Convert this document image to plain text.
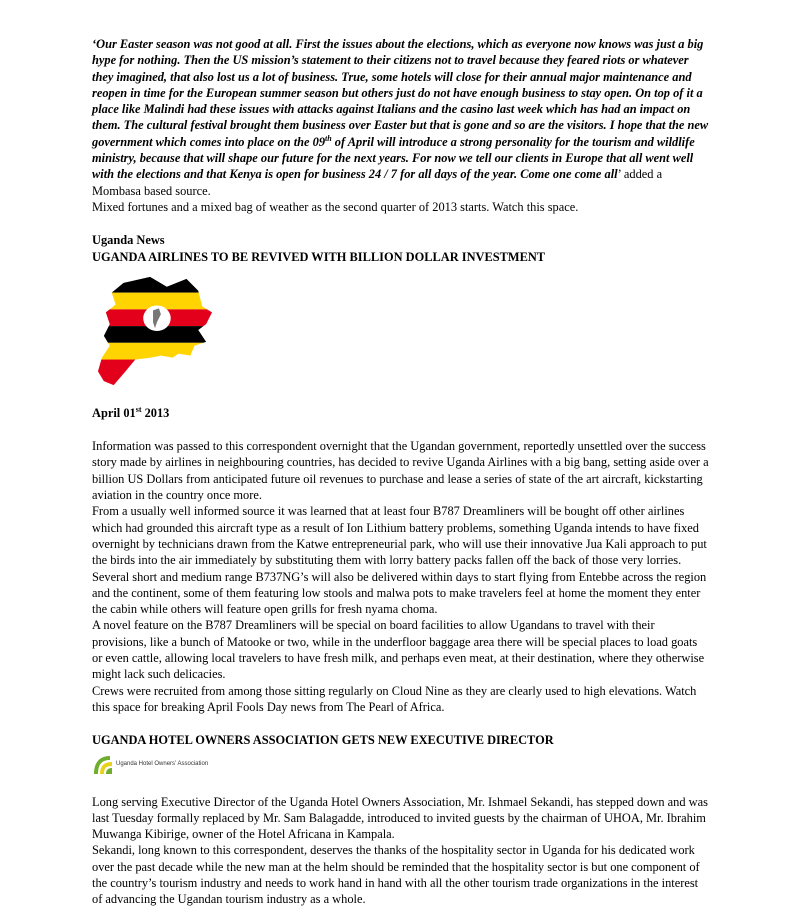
‘Our Easter season was not good at all. First the issues about the elections, which as everyone now knows was just a big hype for nothing. Then the US mission’s statement to their citizens not to travel because they feared riots or whatever they imagined, that also lost us a lot of business. True, some hotels will close for their annual major maintenance and reopen in time for the European summer season but others just do not have enough business to stay open. On top of it a place like Malindi had these issues with attacks against Italians and the casino last week which has had an impact on them. The cultural festival brought them business over Easter but that is gone and so are the visitors. I hope that the new government which comes into place on the 09th of April will introduce a strong personality for the tourism and wildlife ministry, because that will shape our future for the next years. For now we tell our clients in Europe that all went well with the elections and that Kenya is open for business 24 / 7 for all days of the year. Come one come all’ added a Mombasa based source.

Mixed fortunes and a mixed bag of weather as the second quarter of 2013 starts. Watch this space.

Uganda News

UGANDA AIRLINES TO BE REVIVED WITH BILLION DOLLAR INVESTMENT

April 01st 2013

Information was passed to this correspondent overnight that the Ugandan government, reportedly unsettled over the success story made by airlines in neighbouring countries, has decided to revive Uganda Airlines with a big bang, setting aside over a billion US Dollars from anticipated future oil revenues to purchase and lease a series of state of the art aircraft, kickstarting aviation in the country once more.

From a usually well informed source it was learned that at least four B787 Dreamliners will be bought off other airlines which had grounded this aircraft type as a result of Ion Lithium battery problems, something Uganda intends to have fixed overnight by technicians drawn from the Katwe entrepreneurial park, who will use their innovative Jua Kali approach to put the birds into the air immediately by substituting them with lorry battery packs fallen off the back of those very lorries.

Several short and medium range B737NG’s will also be delivered within days to start flying from Entebbe across the region and the continent, some of them featuring low stools and malwa pots to make travelers feel at home the moment they enter the cabin while others will feature open grills for fresh nyama choma.

A novel feature on the B787 Dreamliners will be special on board facilities to allow Ugandans to travel with their provisions, like a bunch of Matooke or two, while in the underfloor baggage area there will be special places to load goats or even cattle, allowing local travelers to have fresh milk, and perhaps even meat, at their destination, where they otherwise might lack such delicacies.

Crews were recruited from among those sitting regularly on Cloud Nine as they are clearly used to high elevations. Watch this space for breaking April Fools Day news from The Pearl of Africa.

UGANDA HOTEL OWNERS ASSOCIATION GETS NEW EXECUTIVE DIRECTOR

Uganda Hotel Owners’ Association

Long serving Executive Director of the Uganda Hotel Owners Association, Mr. Ishmael Sekandi, has stepped down and was last Tuesday formally replaced by Mr. Sam Balagadde, introduced to invited guests by the chairman of UHOA, Mr. Ibrahim Muwanga Kibirige, owner of the Hotel Africana in Kampala.

Sekandi, long known to this correspondent, deserves the thanks of the hospitality sector in Uganda for his dedicated work over the past decade while the new man at the helm should be reminded that the hospitality sector is but one component of the country’s tourism industry and needs to work hand in hand with all the other tourism trade organizations in the interest of advancing the Ugandan tourism industry as a whole.
